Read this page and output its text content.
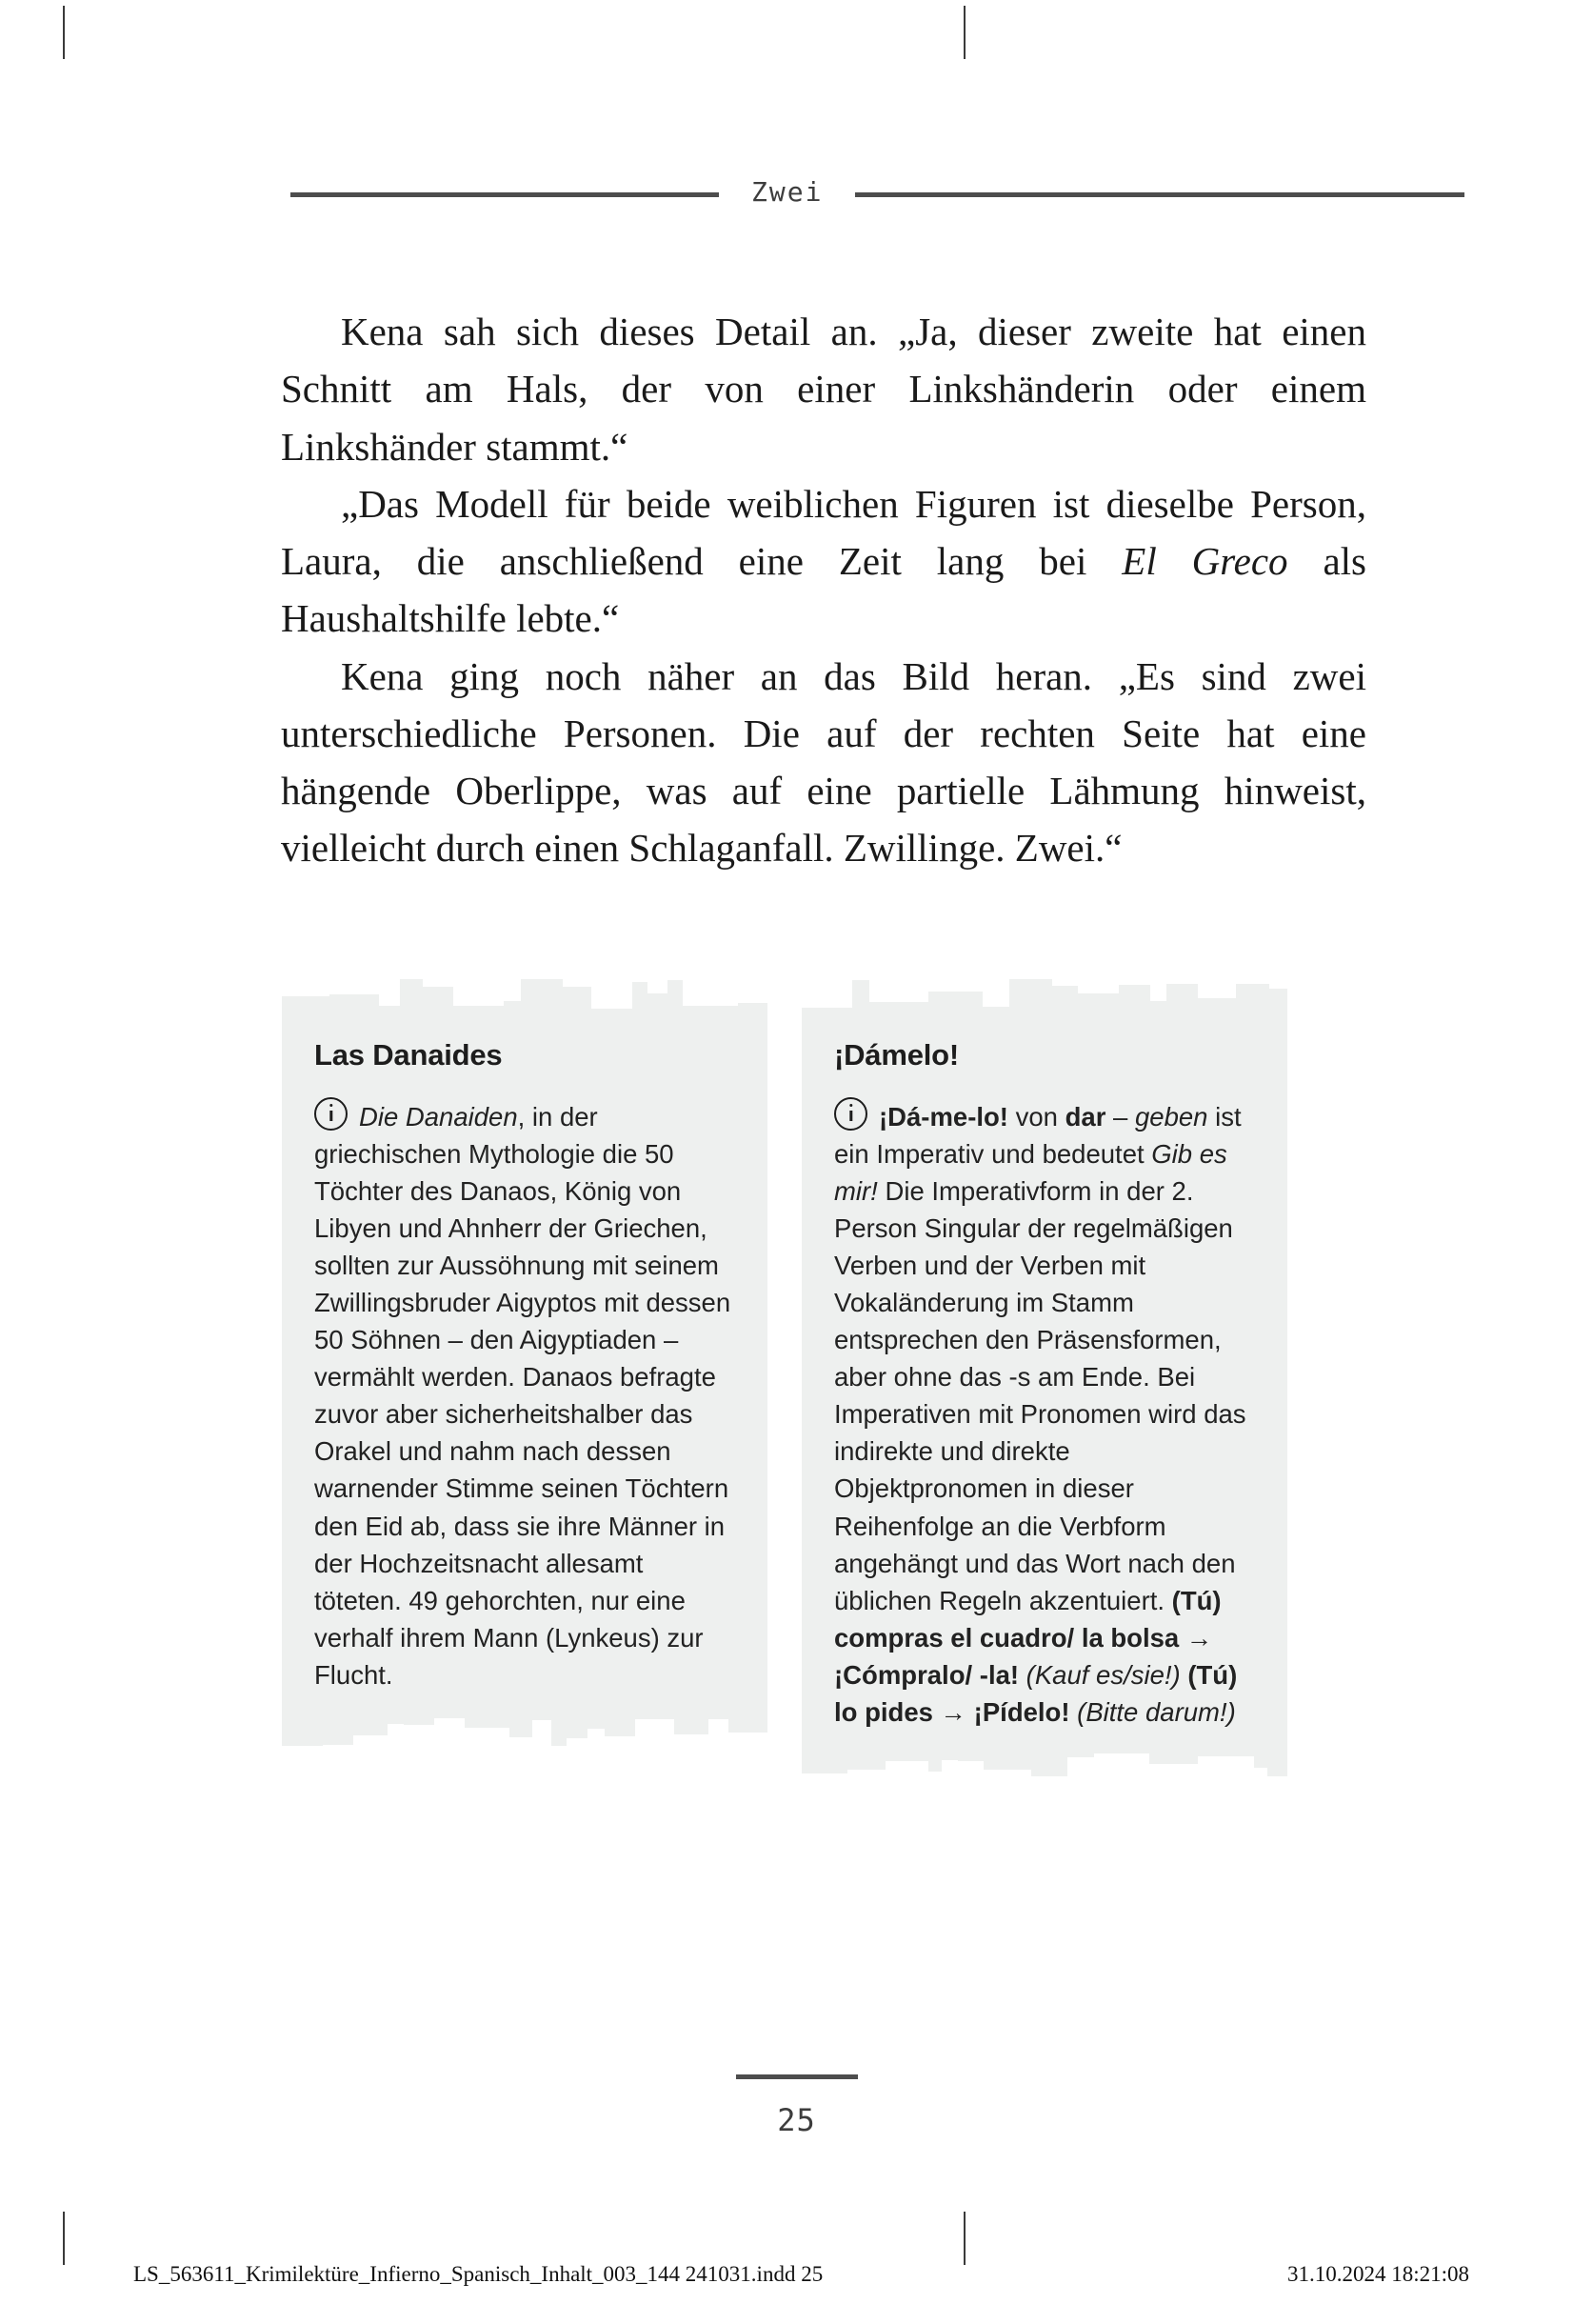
Zwei

Kena sah sich dieses Detail an. „Ja, dieser zweite hat einen Schnitt am Hals, der von einer Linkshänderin oder einem Linkshänder stammt.“

„Das Modell für beide weiblichen Figuren ist dieselbe Person, Laura, die anschließend eine Zeit lang bei El Greco als Haushaltshilfe lebte.“

Kena ging noch näher an das Bild heran. „Es sind zwei unterschiedliche Personen. Die auf der rechten Seite hat eine hängende Oberlippe, was auf eine partielle Lähmung hinweist, vielleicht durch einen Schlaganfall. Zwillinge. Zwei.“

Las Danaides
Die Danaiden, in der griechischen Mythologie die 50 Töchter des Danaos, König von Libyen und Ahnherr der Griechen, sollten zur Aussöhnung mit seinem Zwillingsbruder Aigyptos mit dessen 50 Söhnen – den Aigyptiaden – vermählt werden. Danaos befragte zuvor aber sicherheitshalber das Orakel und nahm nach dessen warnender Stimme seinen Töchtern den Eid ab, dass sie ihre Männer in der Hochzeitsnacht allesamt töteten. 49 gehorchten, nur eine verhalf ihrem Mann (Lynkeus) zur Flucht.
¡Dámelo!
¡Dá-me-lo! von dar – geben ist ein Imperativ und bedeutet Gib es mir! Die Imperativform in der 2. Person Singular der regelmäßigen Verben und der Verben mit Vokaländerung im Stamm entsprechen den Präsensformen, aber ohne das -s am Ende. Bei Imperativen mit Pronomen wird das indirekte und direkte Objektpronomen in dieser Reihenfolge an die Verbform angehängt und das Wort nach den üblichen Regeln akzentuiert. (Tú) compras el cuadro/ la bolsa → ¡Cómpralo/ -la! (Kauf es/sie!) (Tú) lo pides → ¡Pídelo! (Bitte darum!)
25
LS_563611_Krimilektüre_Infierno_Spanisch_Inhalt_003_144 241031.indd 25	31.10.2024 18:21:08
